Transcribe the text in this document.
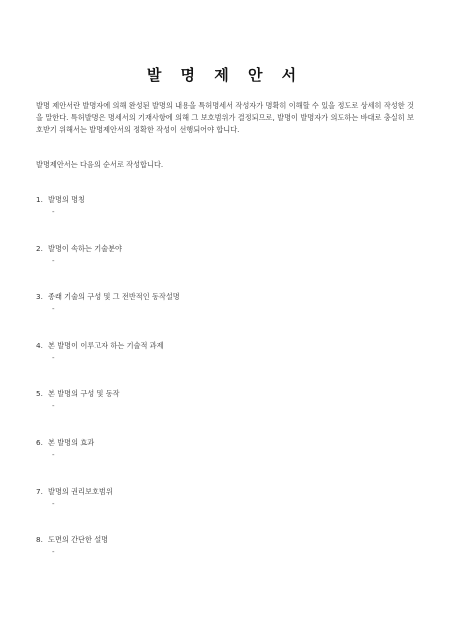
발 명 제 안 서

발명 제안서란 발명자에 의해 완성된 발명의 내용을 특허명세서 작성자가 명확히 이해할 수 있을 정도로 상세히 작성한 것을 말한다. 특허발명은 명세서의 기재사항에 의해 그 보호범위가 결정되므로, 발명이 발명자가 의도하는 바대로 충실히 보호받기 위해서는 발명제안서의 정확한 작성이 선행되어야 합니다.

발명제안서는 다음의 순서로 작성합니다.
1. 발명의 명칭
-
2. 발명이 속하는 기술분야
-
3. 종래 기술의 구성 및 그 전반적인 동작설명
-
4. 본 발명이 이루고자 하는 기술적 과제
-
5. 본 발명의 구성 및 동작
-
6. 본 발명의 효과
-
7. 발명의 권리보호범위
-
8. 도면의 간단한 설명
-
